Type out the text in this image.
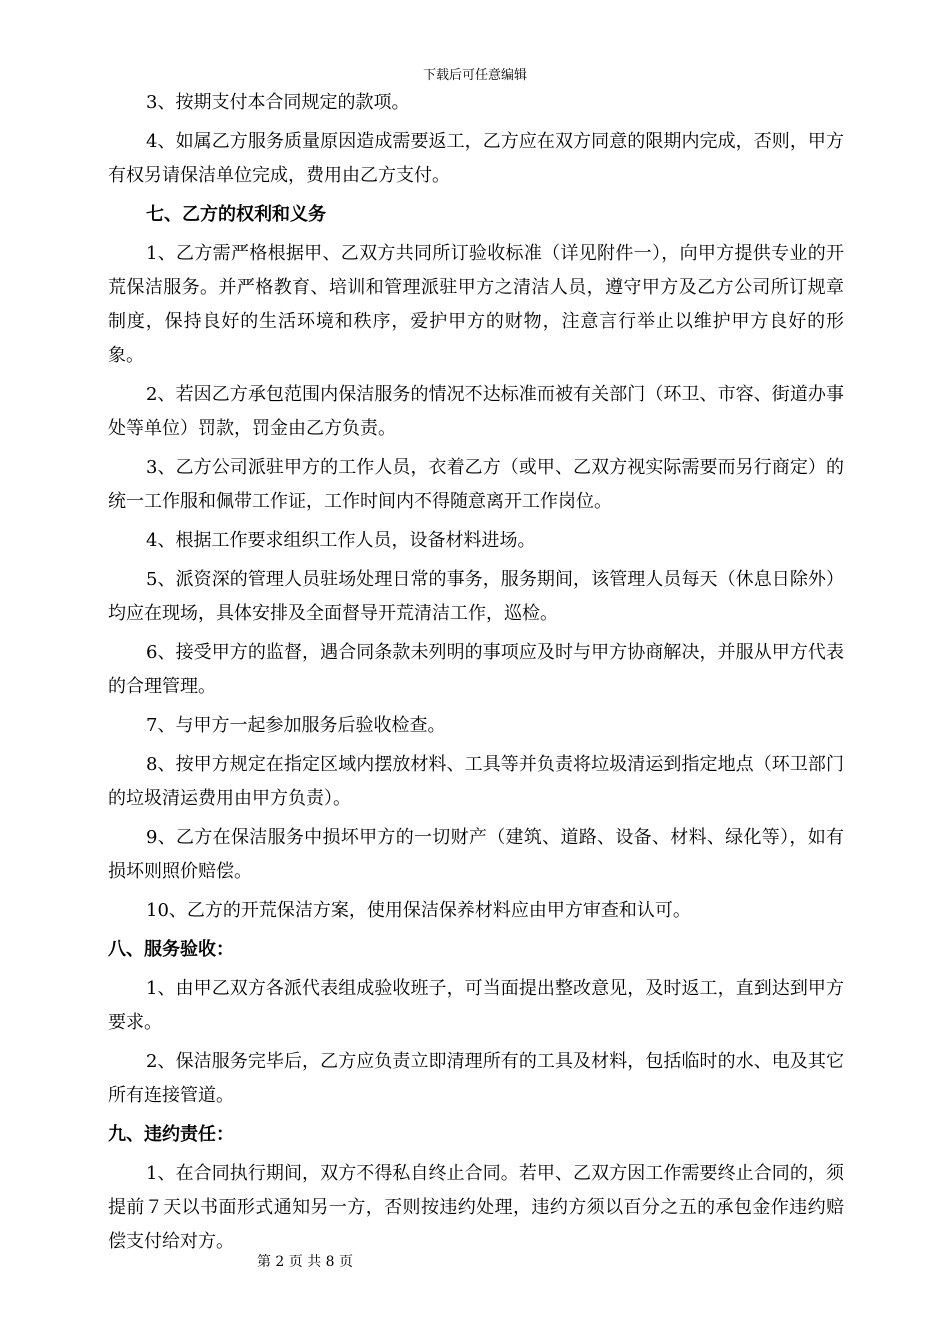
下载后可任意编辑

3、按期支付本合同规定的款项。

4、如属乙方服务质量原因造成需要返工，乙方应在双方同意的限期内完成，否则，甲方有权另请保洁单位完成，费用由乙方支付。

七、乙方的权利和义务

1、乙方需严格根据甲、乙双方共同所订验收标准（详见附件一），向甲方提供专业的开荒保洁服务。并严格教育、培训和管理派驻甲方之清洁人员，遵守甲方及乙方公司所订规章制度，保持良好的生活环境和秩序，爱护甲方的财物，注意言行举止以维护甲方良好的形象。

2、若因乙方承包范围内保洁服务的情况不达标准而被有关部门（环卫、市容、街道办事处等单位）罚款，罚金由乙方负责。

3、乙方公司派驻甲方的工作人员，衣着乙方（或甲、乙双方视实际需要而另行商定）的统一工作服和佩带工作证，工作时间内不得随意离开工作岗位。

4、根据工作要求组织工作人员，设备材料进场。

5、派资深的管理人员驻场处理日常的事务，服务期间，该管理人员每天（休息日除外）均应在现场，具体安排及全面督导开荒清洁工作，巡检。

6、接受甲方的监督，遇合同条款未列明的事项应及时与甲方协商解决，并服从甲方代表的合理管理。

7、与甲方一起参加服务后验收检查。

8、按甲方规定在指定区域内摆放材料、工具等并负责将垃圾清运到指定地点（环卫部门的垃圾清运费用由甲方负责）。

9、乙方在保洁服务中损坏甲方的一切财产（建筑、道路、设备、材料、绿化等），如有损坏则照价赔偿。

10、乙方的开荒保洁方案，使用保洁保养材料应由甲方审查和认可。

八、服务验收：

1、由甲乙双方各派代表组成验收班子，可当面提出整改意见，及时返工，直到达到甲方要求。

2、保洁服务完毕后，乙方应负责立即清理所有的工具及材料，包括临时的水、电及其它所有连接管道。

九、违约责任：

1、在合同执行期间，双方不得私自终止合同。若甲、乙双方因工作需要终止合同的，须提前７天以书面形式通知另一方，否则按违约处理，违约方须以百分之五的承包金作违约赔偿支付给对方。

第 2 页 共 8 页
